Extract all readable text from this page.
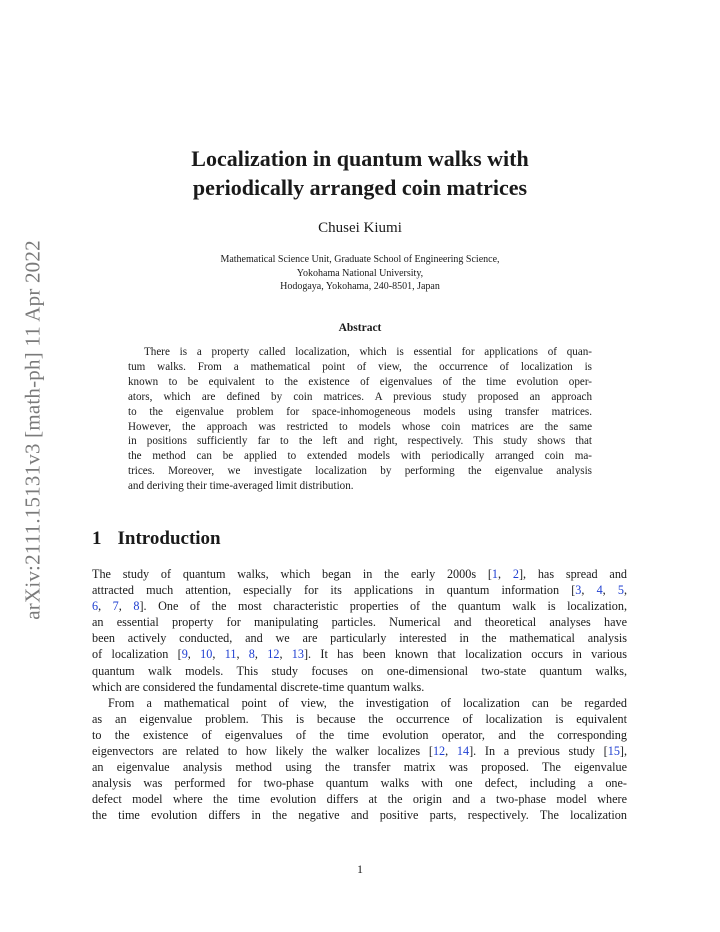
arXiv:2111.15131v3 [math-ph] 11 Apr 2022
Localization in quantum walks with
periodically arranged coin matrices
Chusei Kiumi
Mathematical Science Unit, Graduate School of Engineering Science,
Yokohama National University,
Hodogaya, Yokohama, 240-8501, Japan
Abstract
There is a property called localization, which is essential for applications of quan-
tum walks. From a mathematical point of view, the occurrence of localization is
known to be equivalent to the existence of eigenvalues of the time evolution oper-
ators, which are defined by coin matrices. A previous study proposed an approach
to the eigenvalue problem for space-inhomogeneous models using transfer matrices.
However, the approach was restricted to models whose coin matrices are the same
in positions sufficiently far to the left and right, respectively. This study shows that
the method can be applied to extended models with periodically arranged coin ma-
trices. Moreover, we investigate localization by performing the eigenvalue analysis
and deriving their time-averaged limit distribution.
1 Introduction
The study of quantum walks, which began in the early 2000s [1, 2], has spread and
attracted much attention, especially for its applications in quantum information [3, 4, 5,
6, 7, 8]. One of the most characteristic properties of the quantum walk is localization,
an essential property for manipulating particles. Numerical and theoretical analyses have
been actively conducted, and we are particularly interested in the mathematical analysis
of localization [9, 10, 11, 8, 12, 13]. It has been known that localization occurs in various
quantum walk models. This study focuses on one-dimensional two-state quantum walks,
which are considered the fundamental discrete-time quantum walks.
From a mathematical point of view, the investigation of localization can be regarded
as an eigenvalue problem. This is because the occurrence of localization is equivalent
to the existence of eigenvalues of the time evolution operator, and the corresponding
eigenvectors are related to how likely the walker localizes [12, 14]. In a previous study [15],
an eigenvalue analysis method using the transfer matrix was proposed. The eigenvalue
analysis was performed for two-phase quantum walks with one defect, including a one-
defect model where the time evolution differs at the origin and a two-phase model where
the time evolution differs in the negative and positive parts, respectively. The localization
1
